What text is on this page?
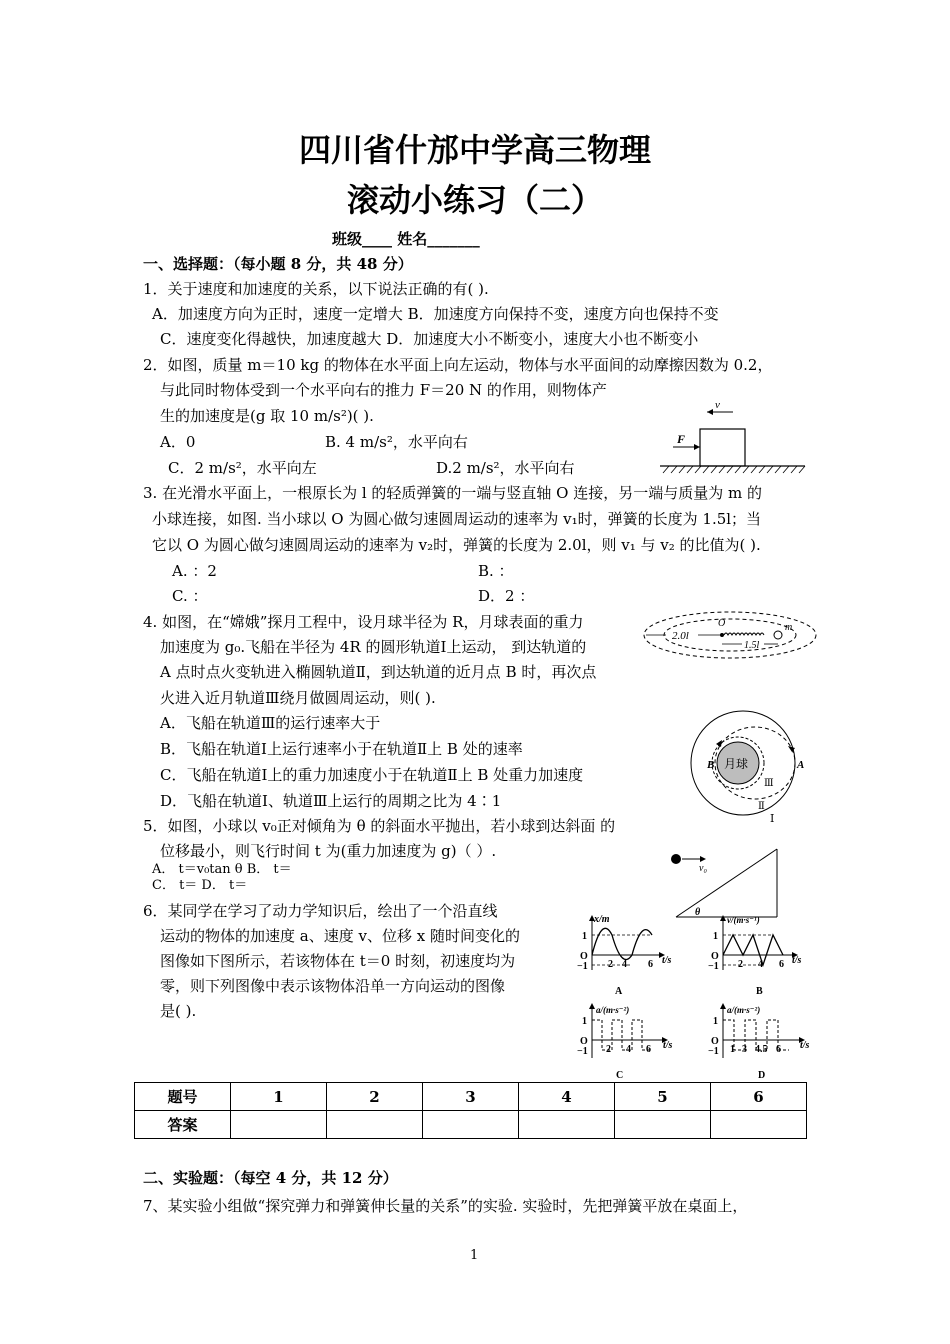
四川省什邡中学高三物理
滚动小练习（二）
班级____ 姓名_______
一、选择题：（每小题 8 分，共 48 分）
1．关于速度和加速度的关系，以下说法正确的有( ).
A．加速度方向为正时，速度一定增大 B．加速度方向保持不变，速度方向也保持不变
C．速度变化得越快，加速度越大 D．加速度大小不断变小，速度大小也不断变小
2．如图，质量 m＝10 kg 的物体在水平面上向左运动，物体与水平面间的动摩擦因数为 0.2，
与此同时物体受到一个水平向右的推力 F＝20 N 的作用，则物体产
生的加速度是(g 取 10 m/s²)( ).
A．0	B. 4 m/s²，水平向右
C．2 m/s²，水平向左	D.2 m/s²，水平向右
v
F
3. 在光滑水平面上，一根原长为 l 的轻质弹簧的一端与竖直轴 O 连接，另一端与质量为 m 的
小球连接，如图. 当小球以 O 为圆心做匀速圆周运动的速率为 v₁时，弹簧的长度为 1.5l；当
它以 O 为圆心做匀速圆周运动的速率为 v₂时，弹簧的长度为 2.0l，则 v₁ 与 v₂ 的比值为( ).
A. ：2	B. ：
C. ：	D．2 ：
O	m
2.0l
1.5l
4. 如图，在“嫦娥”探月工程中，设月球半径为 R，月球表面的重力
加速度为 g₀.飞船在半径为 4R 的圆形轨道Ⅰ上运动， 到达轨道的
A 点时点火变轨进入椭圆轨道Ⅱ，到达轨道的近月点 B 时，再次点
火进入近月轨道Ⅲ绕月做圆周运动，则( ).
A．飞船在轨道Ⅲ的运行速率大于
B．飞船在轨道Ⅰ上运行速率小于在轨道Ⅱ上 B 处的速率
C．飞船在轨道Ⅰ上的重力加速度小于在轨道Ⅱ上 B 处重力加速度
D．飞船在轨道Ⅰ、轨道Ⅲ上运行的周期之比为 4∶1
月球	A
B
Ⅰ
Ⅱ
Ⅲ
5．如图，小球以 v₀正对倾角为 θ 的斜面水平抛出，若小球到达斜面 的
位移最小，则飞行时间 t 为(重力加速度为 g)（ ）.
A． t＝v₀tan θ B． t＝
C． t＝ D． t＝
v₀
θ
6．某同学在学习了动力学知识后，绘出了一个沿直线
运动的物体的加速度 a、速度 v、位移 x 随时间变化的
图像如下图所示，若该物体在 t＝0 时刻，初速度均为
零，则下列图像中表示该物体沿单一方向运动的图像
是( ).
x/m
t/s
1
O
−1 2 4 6
A
v/(m·s⁻¹)
t/s
1
O
−1 2 4 6
B
a/(m·s⁻²)
t/s
1
O
−1 2 4 6
C
a/(m·s⁻²)
t/s
1
O
−1 1 3 4.5 6
D
题号	1	2	3	4	5	6
答案						
二、实验题：（每空 4 分，共 12 分）
7、某实验小组做“探究弹力和弹簧伸长量的关系”的实验. 实验时，先把弹簧平放在桌面上，
1
